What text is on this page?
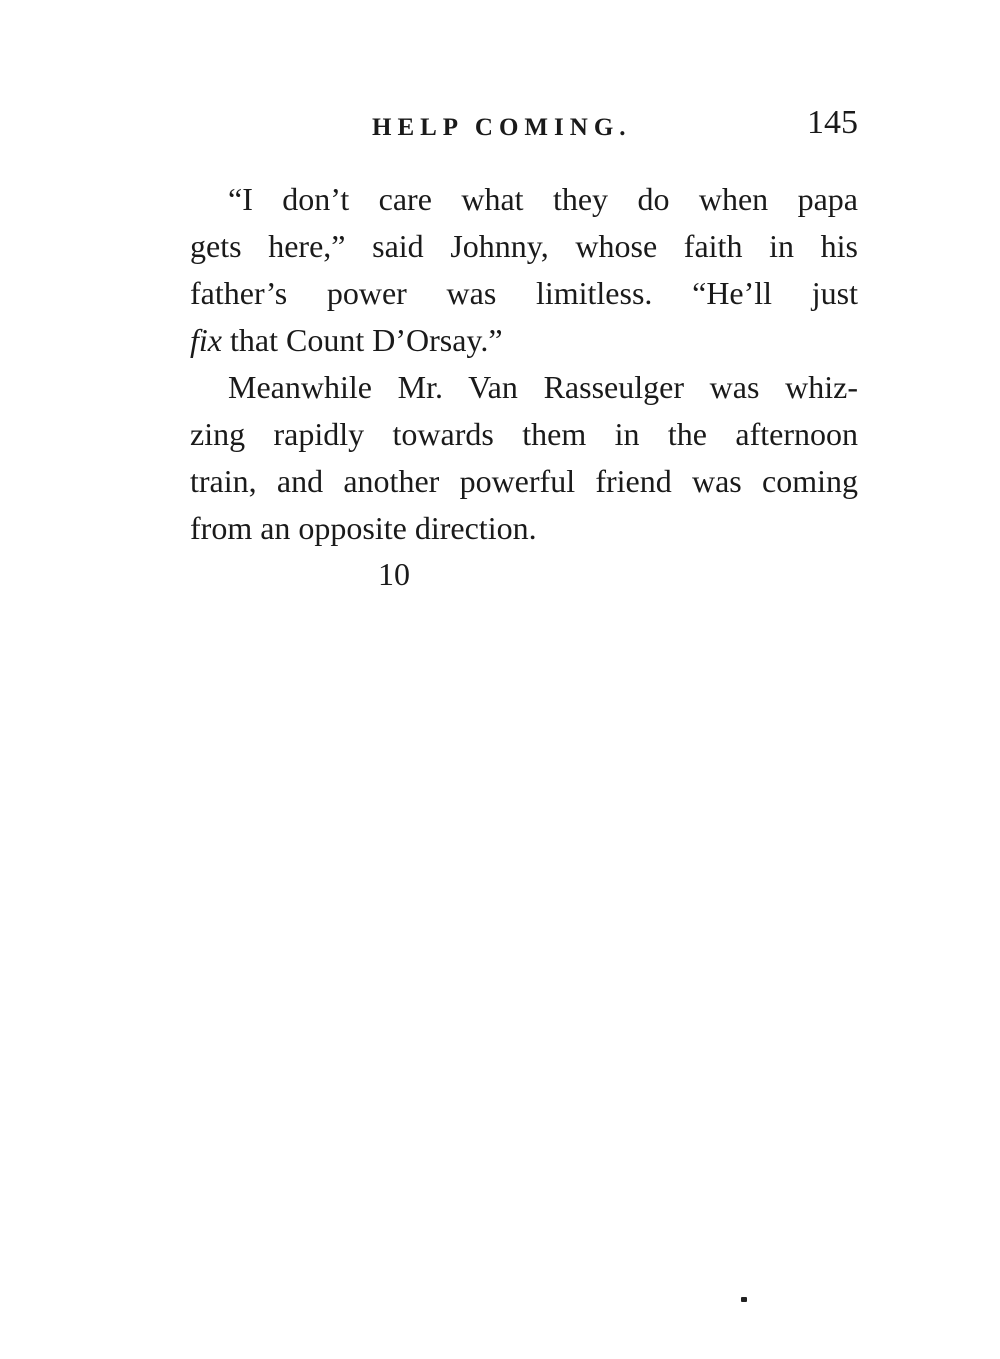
HELP COMING.	145
“I don’t care what they do when papa
gets here,” said Johnny, whose faith in his
father’s power was limitless. “He’ll just
fix that Count D’Orsay.”
Meanwhile Mr. Van Rasseulger was whiz-
zing rapidly towards them in the afternoon
train, and another powerful friend was coming
from an opposite direction.
10
